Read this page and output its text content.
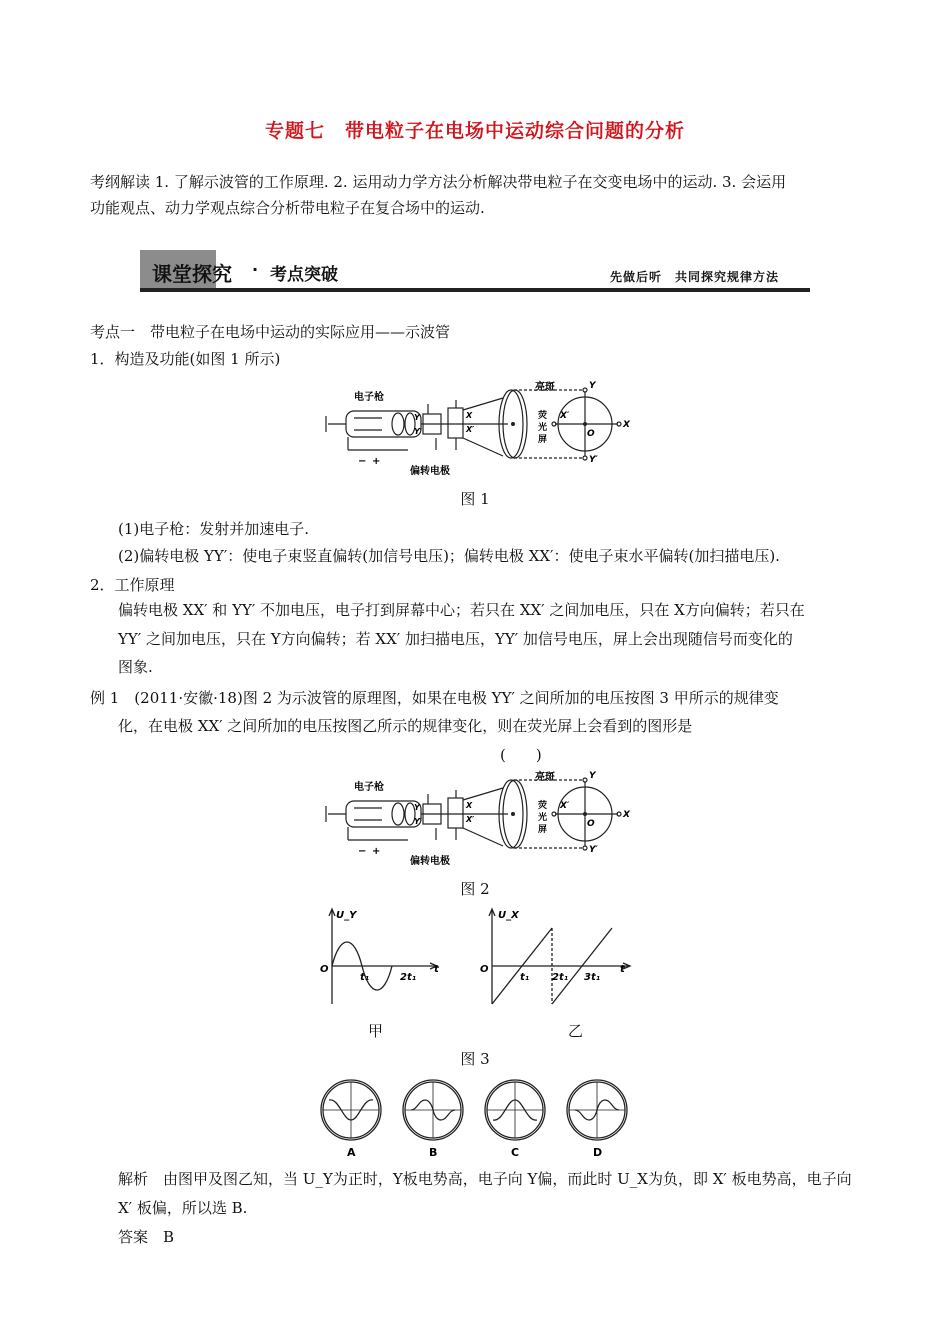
专题七　带电粒子在电场中运动综合问题的分析
考纲解读 1. 了解示波管的工作原理. 2. 运用动力学方法分析解决带电粒子在交变电场中的运动. 3. 会运用
功能观点、动力学观点综合分析带电粒子在复合场中的运动.
课堂探究 · 考点突破	先做后听　共同探究规律方法
考点一　带电粒子在电场中运动的实际应用——示波管
1．构造及功能(如图 1 所示)
电子枪
亮斑
荧
光
屏
偏转电极
Y
Y′
X
X′
X′
X
Y
Y′
O
− +
图 1
(1)电子枪：发射并加速电子.
(2)偏转电极 YY′：使电子束竖直偏转(加信号电压)；偏转电极 XX′：使电子束水平偏转(加扫描电压).
2．工作原理
偏转电极 XX′ 和 YY′ 不加电压，电子打到屏幕中心；若只在 XX′ 之间加电压，只在 X方向偏转；若只在
YY′ 之间加电压，只在 Y方向偏转；若 XX′ 加扫描电压，YY′ 加信号电压，屏上会出现随信号而变化的
图象.
例 1　(2011·安徽·18)图 2 为示波管的原理图，如果在电极 YY′ 之间所加的电压按图 3 甲所示的规律变
化，在电极 XX′ 之间所加的电压按图乙所示的规律变化，则在荧光屏上会看到的图形是
(　　)
电子枪
亮斑
荧
光
屏
偏转电极
Y
Y′
X
X′
X′
X
Y
Y′
O
− +
图 2
U_Y
O
t₁	2t₁
t
U_X
O
t₁ 2t₁ 3t₁
t
甲	乙
图 3
A	B	C	D
解析　由图甲及图乙知，当 U_Y为正时，Y板电势高，电子向 Y偏，而此时 U_X为负，即 X′ 板电势高，电子向
X′ 板偏，所以选 B.
答案　B
